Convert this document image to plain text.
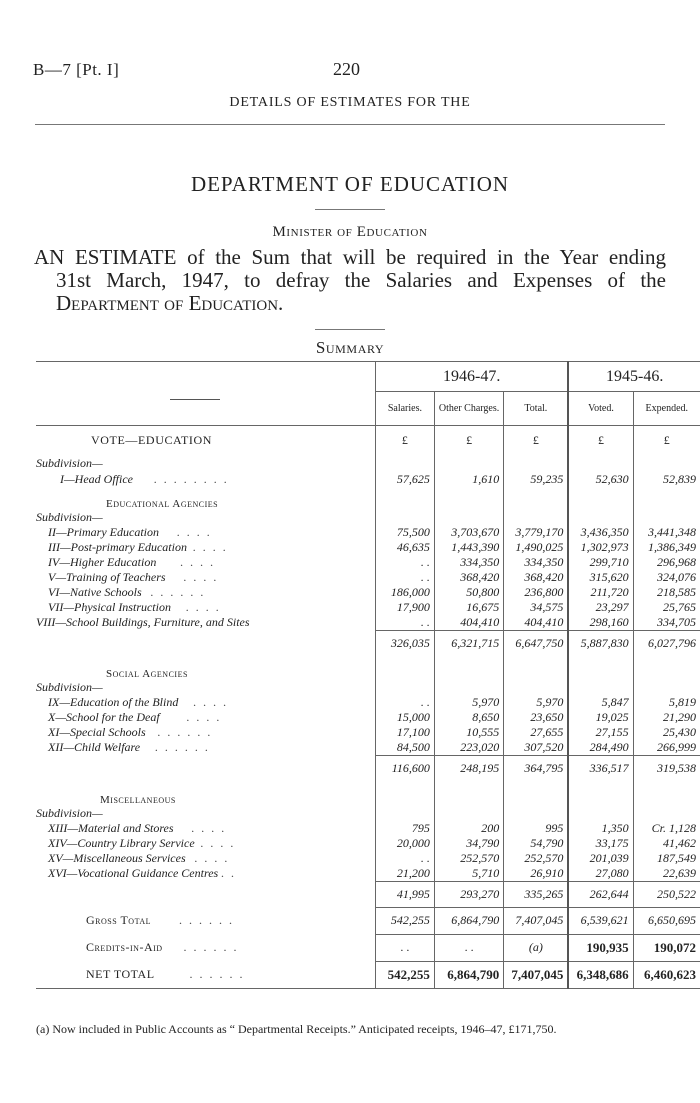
B—7 [Pt. I]	220
DETAILS OF ESTIMATES FOR THE
DEPARTMENT OF EDUCATION
Minister of Education
AN ESTIMATE of the Sum that will be required in the Year ending
31st March, 1947, to defray the Salaries and Expenses of the
Department of Education.
Summary
	1946-47.			1945-46.	

	Salaries.	Other Charges.	Total.	Voted.	Expended.
VOTE—EDUCATION	£	£	£	£	£
Subdivision—					
I—Head Office . . . . . . . .	57,625	1,610	59,235	52,630	52,839
Educational Agencies					
Subdivision—					
II—Primary Education . . . .	75,500	3,703,670	3,779,170	3,436,350	3,441,348
III—Post-primary Education . . . .	46,635	1,443,390	1,490,025	1,302,973	1,386,349
IV—Higher Education . . . .	. .	334,350	334,350	299,710	296,968
V—Training of Teachers . . . .	. .	368,420	368,420	315,620	324,076
VI—Native Schools . . . . . .	186,000	50,800	236,800	211,720	218,585
VII—Physical Instruction . . . .	17,900	16,675	34,575	23,297	25,765
VIII—School Buildings, Furniture, and Sites	. .	404,410	404,410	298,160	334,705
	326,035	6,321,715	6,647,750	5,887,830	6,027,796
Social Agencies					
Subdivision—					
IX—Education of the Blind . . . .	. .	5,970	5,970	5,847	5,819
X—School for the Deaf . . . .	15,000	8,650	23,650	19,025	21,290
XI—Special Schools . . . . . .	17,100	10,555	27,655	27,155	25,430
XII—Child Welfare . . . . . .	84,500	223,020	307,520	284,490	266,999
	116,600	248,195	364,795	336,517	319,538
Miscellaneous					
Subdivision—					
XIII—Material and Stores . . . .	795	200	995	1,350	Cr. 1,128
XIV—Country Library Service . . . .	20,000	34,790	54,790	33,175	41,462
XV—Miscellaneous Services . . . .	. .	252,570	252,570	201,039	187,549
XVI—Vocational Guidance Centres . .	21,200	5,710	26,910	27,080	22,639
	41,995	293,270	335,265	262,644	250,522
Gross Total . . . . . .	542,255	6,864,790	7,407,045	6,539,621	6,650,695
Credits-in-Aid . . . . . .	. .	. .	(a)	190,935	190,072
NET TOTAL . . . . . .	542,255	6,864,790	7,407,045	6,348,686	6,460,623
(a) Now included in Public Accounts as “ Departmental Receipts.” Anticipated receipts, 1946–47, £171,750.
